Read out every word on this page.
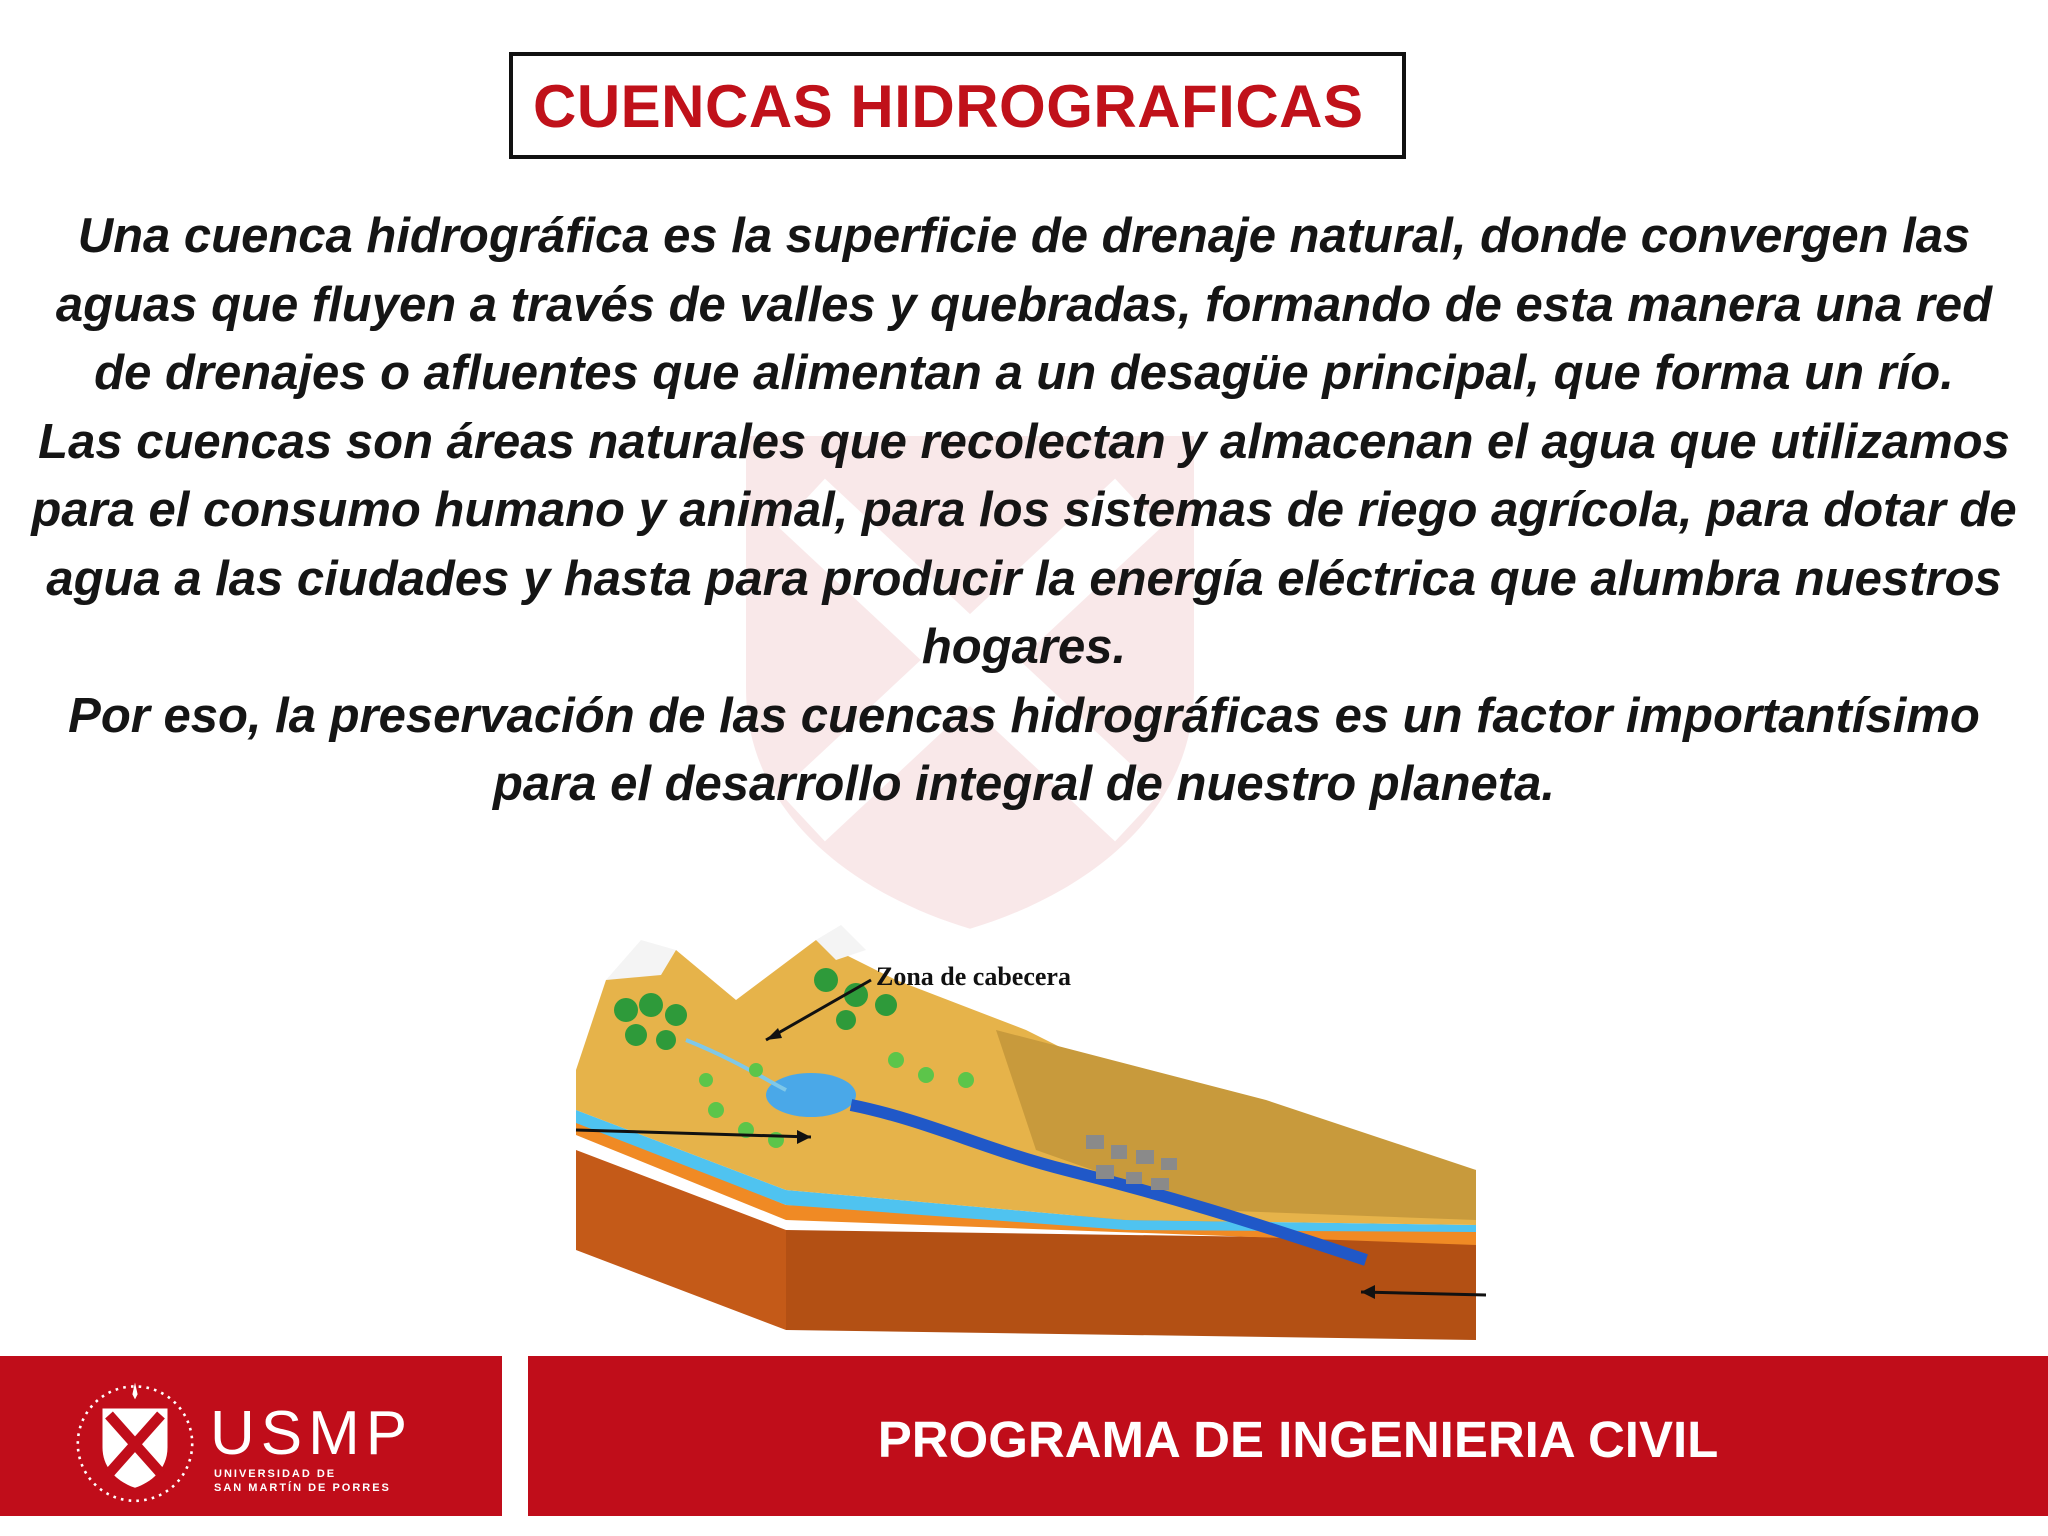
CUENCAS HIDROGRAFICAS

Una cuenca hidrográfica es la superficie de drenaje natural, donde convergen las aguas que fluyen a través de valles y quebradas, formando de esta manera una red de drenajes o afluentes que alimentan a un desagüe principal, que forma un río.

Las cuencas son áreas naturales que recolectan y almacenan el agua que utilizamos para el consumo humano y animal, para los sistemas de riego agrícola, para dotar de agua a las ciudades y hasta para producir la energía eléctrica que alumbra nuestros hogares.

Por eso, la preservación de las cuencas hidrográficas es un factor importantísimo para el desarrollo integral de nuestro planeta.

Zona de cabecera
USMP
UNIVERSIDAD DE
SAN MARTÍN DE PORRES
PROGRAMA DE INGENIERIA CIVIL
